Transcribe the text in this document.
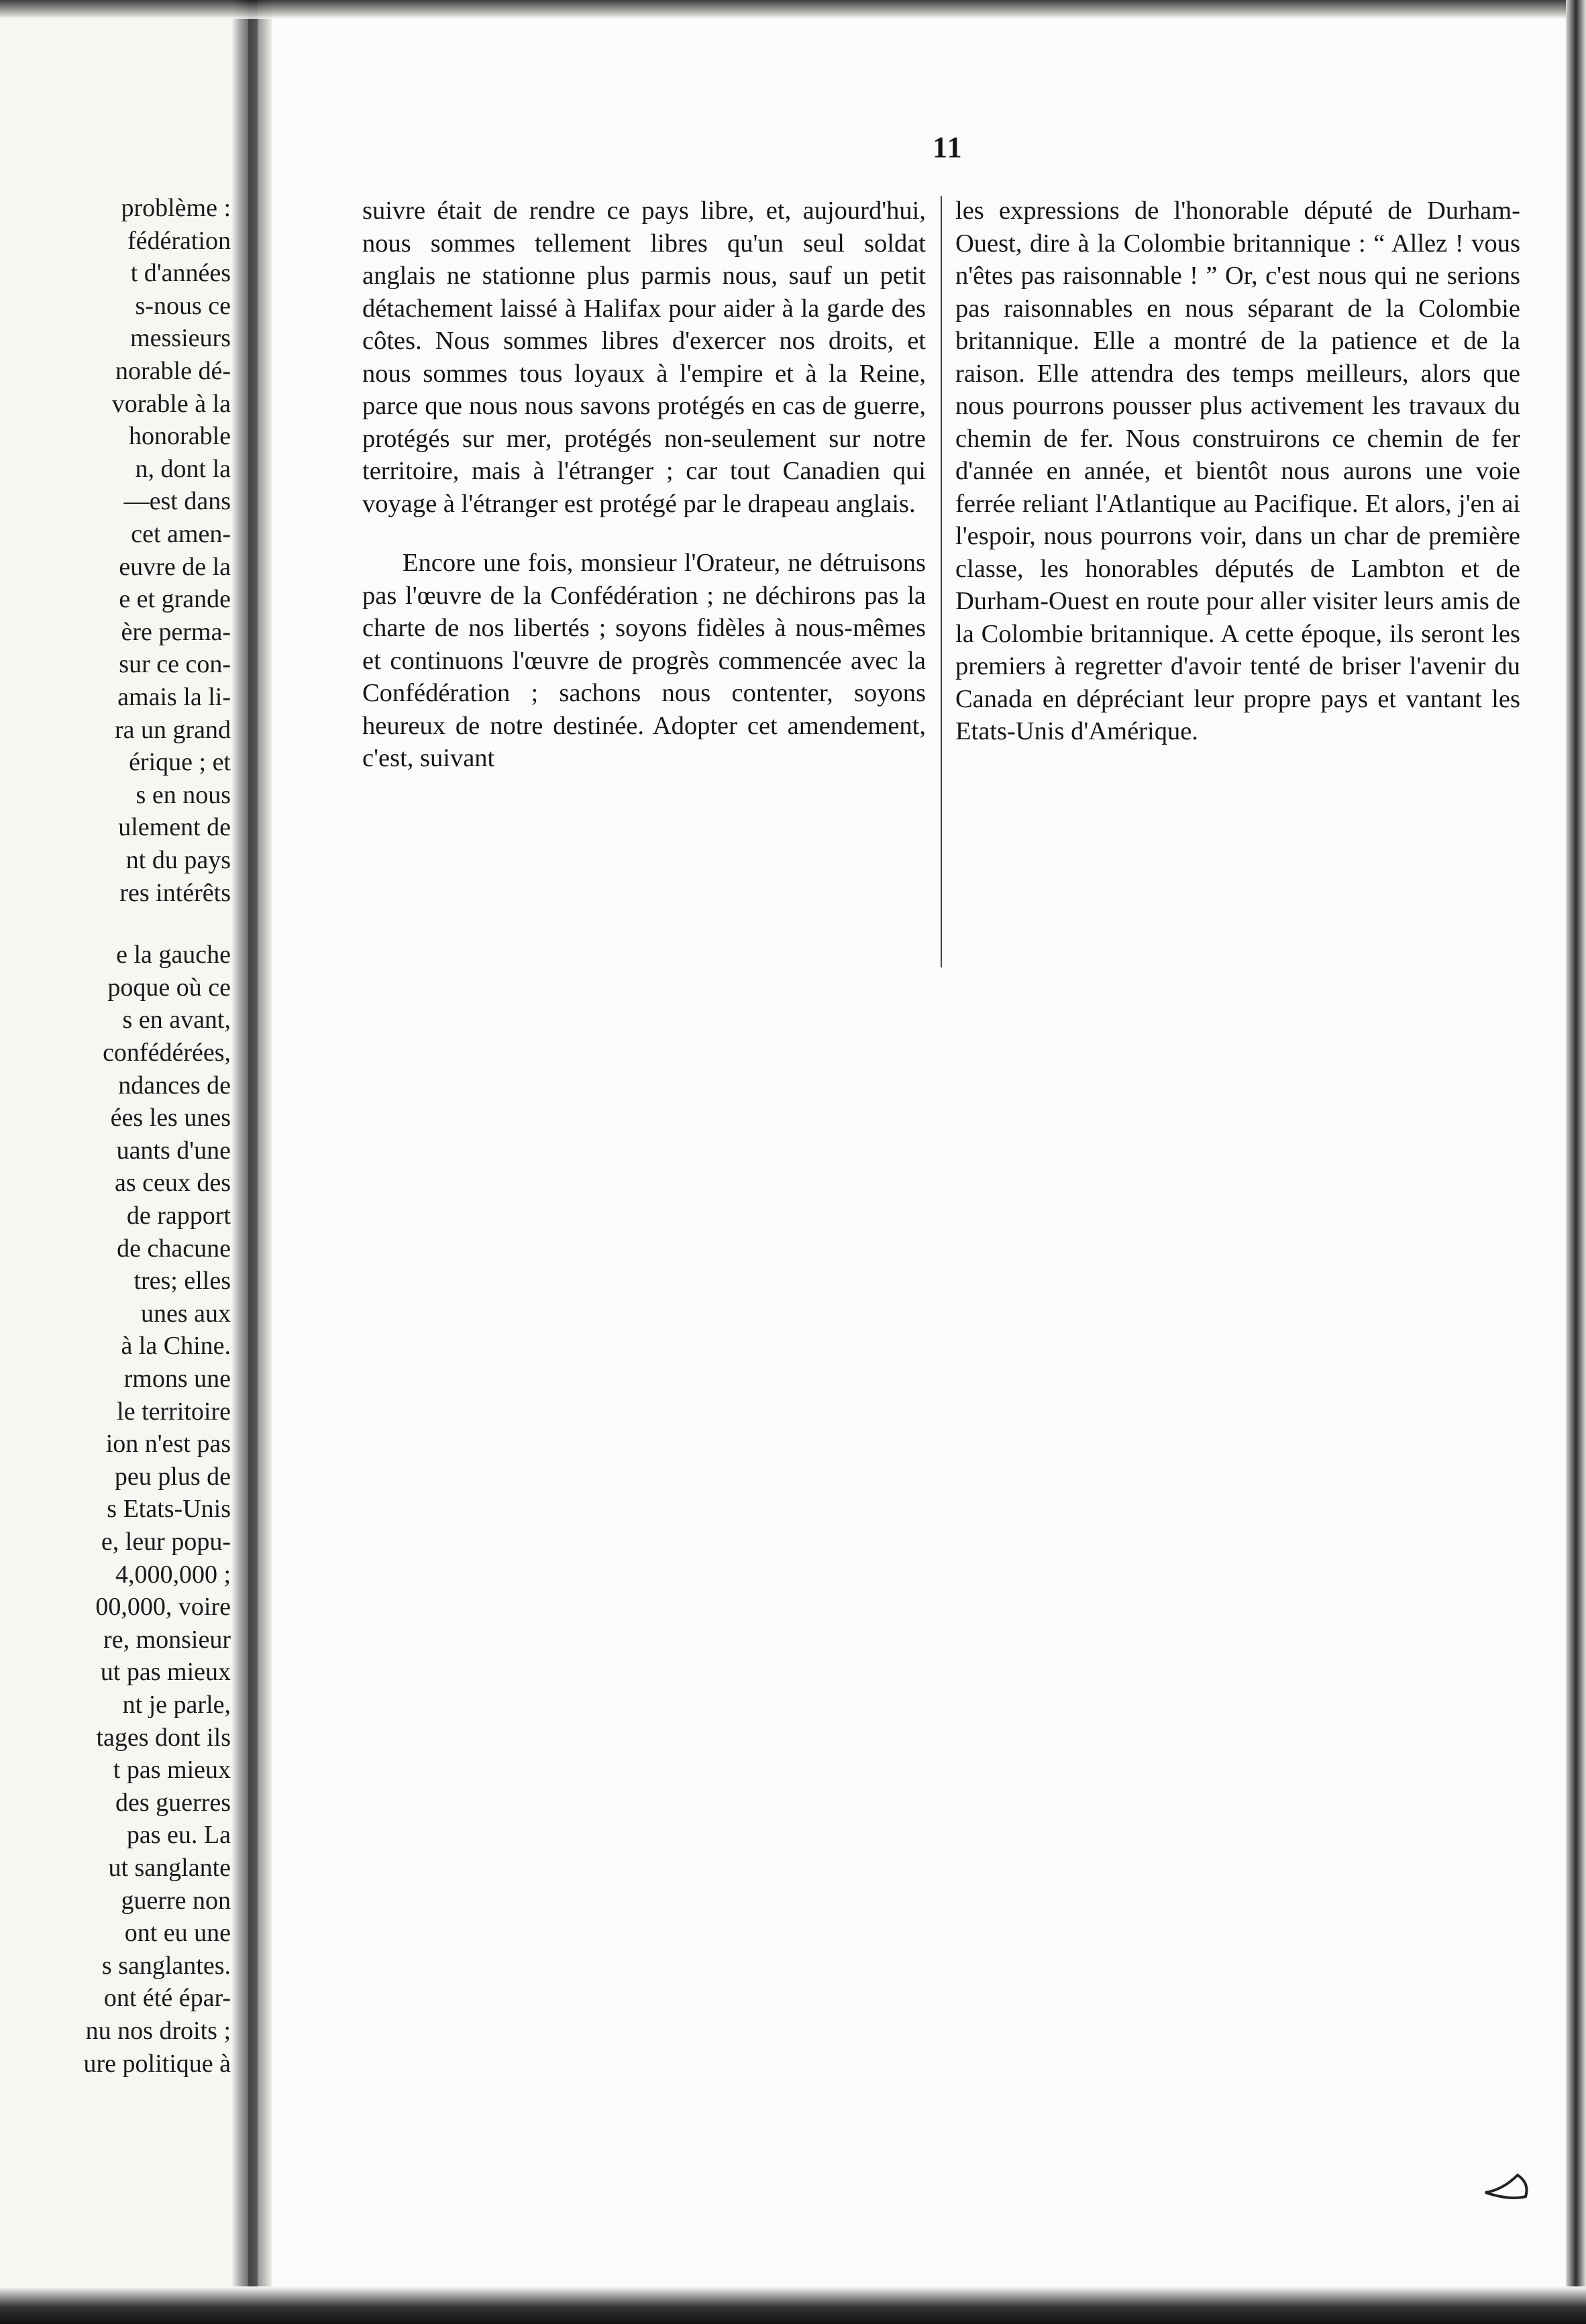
problème :
fédération
t d'années
s-nous ce
messieurs
norable dé-
vorable à la
honorable
n, dont la
—est dans
cet amen-
euvre de la
e et grande
ère perma-
sur ce con-
amais la li-
ra un grand
érique ; et
s en nous
ulement de
nt du pays
res intérêts
e la gauche
poque où ce
s en avant,
confédérées,
ndances de
ées les unes
uants d'une
as ceux des
de rapport
de chacune
tres; elles
unes aux
à la Chine.
rmons une
le territoire
ion n'est pas
peu plus de
s Etats-Unis
e, leur popu-
4,000,000 ;
00,000, voire
re, monsieur
ut pas mieux
nt je parle,
tages dont ils
t pas mieux
des guerres
pas eu. La
ut sanglante
guerre non
ont eu une
s sanglantes.
ont été épar-
nu nos droits ;
ure politique à
11

suivre était de rendre ce pays libre, et, aujourd'hui, nous sommes tellement libres qu'un seul soldat anglais ne stationne plus parmis nous, sauf un petit détachement laissé à Halifax pour aider à la garde des côtes. Nous sommes libres d'exercer nos droits, et nous sommes tous loyaux à l'empire et à la Reine, parce que nous nous savons protégés en cas de guerre, protégés sur mer, protégés non-seulement sur notre territoire, mais à l'étranger ; car tout Canadien qui voyage à l'étranger est protégé par le drapeau anglais.

Encore une fois, monsieur l'Orateur, ne détruisons pas l'œuvre de la Confédération ; ne déchirons pas la charte de nos libertés ; soyons fidèles à nous-mêmes et continuons l'œuvre de progrès commencée avec la Confédération ; sachons nous contenter, soyons heureux de notre destinée. Adopter cet amendement, c'est, suivant

les expressions de l'honorable député de Durham-Ouest, dire à la Colombie britannique : “ Allez ! vous n'êtes pas raisonnable ! ” Or, c'est nous qui ne serions pas raisonnables en nous séparant de la Colombie britannique. Elle a montré de la patience et de la raison. Elle attendra des temps meilleurs, alors que nous pourrons pousser plus activement les travaux du chemin de fer. Nous construirons ce chemin de fer d'année en année, et bientôt nous aurons une voie ferrée reliant l'Atlantique au Pacifique. Et alors, j'en ai l'espoir, nous pourrons voir, dans un char de première classe, les honorables députés de Lambton et de Durham-Ouest en route pour aller visiter leurs amis de la Colombie britannique. A cette époque, ils seront les premiers à regretter d'avoir tenté de briser l'avenir du Canada en dépréciant leur propre pays et vantant les Etats-Unis d'Amérique.
